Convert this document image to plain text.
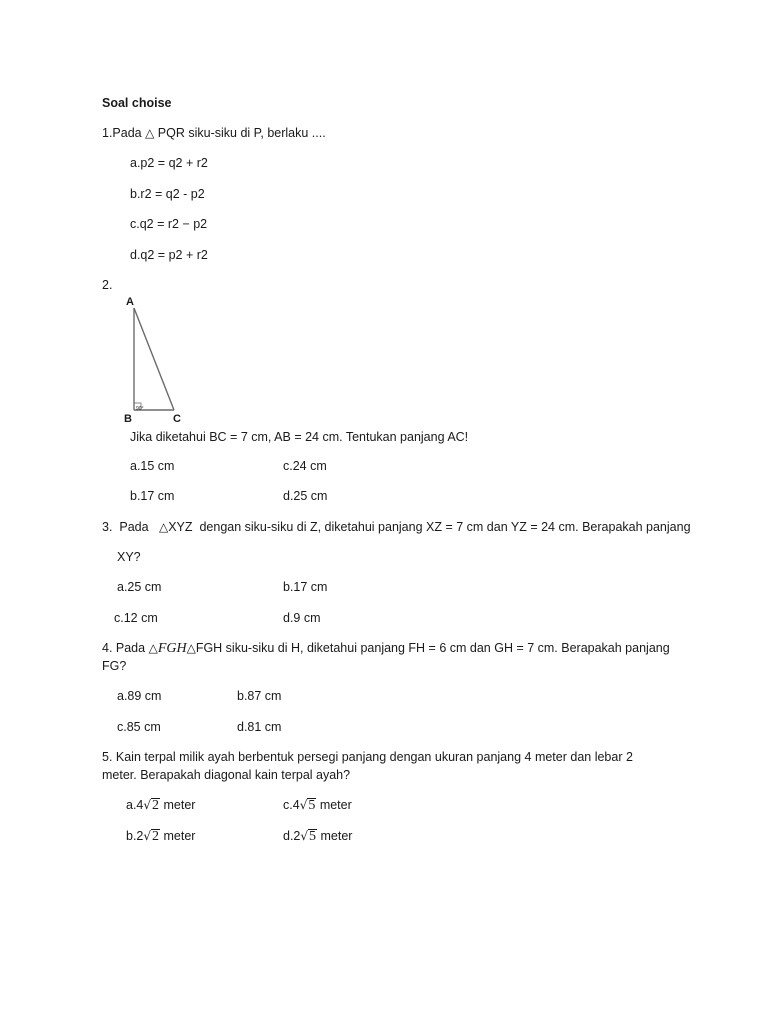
Soal choise
1.Pada △ PQR siku-siku di P, berlaku ....
a.p2 = q2 + r2
b.r2 = q2 - p2
c.q2 = r2 − p2
d.q2 = p2 + r2
2.
A
B	C
90°
Jika diketahui BC = 7 cm, AB = 24 cm. Tentukan panjang AC!
a.15 cm	c.24 cm
b.17 cm	d.25 cm
3.  Pada   △XYZ  dengan siku-siku di Z, diketahui panjang XZ = 7 cm dan YZ = 24 cm. Berapakah panjang
XY?
a.25 cm	b.17 cm
c.12 cm	d.9 cm
4. Pada △FGH△FGH siku-siku di H, diketahui panjang FH = 6 cm dan GH = 7 cm. Berapakah panjang
FG?
a.89 cm	b.87 cm
c.85 cm	d.81 cm
5. Kain terpal milik ayah berbentuk persegi panjang dengan ukuran panjang 4 meter dan lebar 2
meter. Berapakah diagonal kain terpal ayah?
a.4√2 meter	c.4√5 meter
b.2√2 meter	d.2√5 meter
